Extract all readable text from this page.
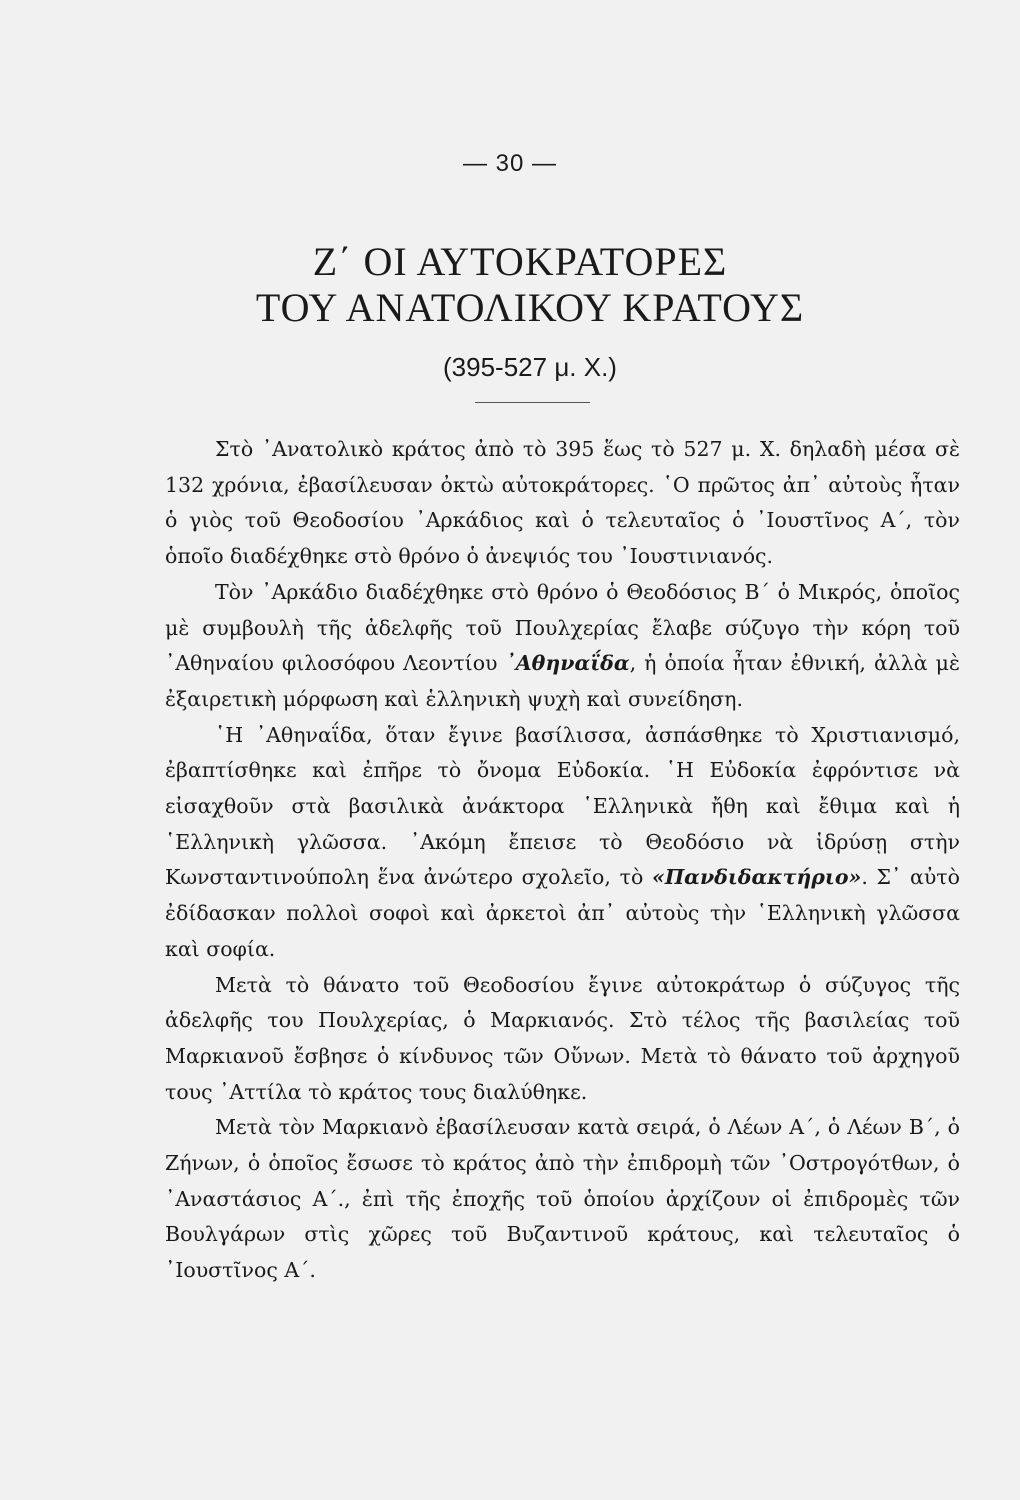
— 30 —
Ζ΄ ΟΙ ΑΥΤΟΚΡΑΤΟΡΕΣ
ΤΟΥ ΑΝΑΤΟΛΙΚΟΥ ΚΡΑΤΟΥΣ
(395-527 μ. Χ.)

Στὸ ᾿Ανατολικὸ κράτος ἀπὸ τὸ 395 ἕως τὸ 527 μ. Χ. δηλαδὴ μέσα σὲ 132 χρόνια, ἐβασίλευσαν ὀκτὼ αὐτοκράτορες. ῾Ο πρῶτος ἀπ᾿ αὐτοὺς ἦταν ὁ γιὸς τοῦ Θεοδοσίου ᾿Αρκάδιος καὶ ὁ τελευταῖος ὁ ᾿Ιουστῖνος Α΄, τὸν ὁποῖο διαδέχθηκε στὸ θρόνο ὁ ἀνεψιός του ᾿Ιουστινιανός.

Τὸν ᾿Αρκάδιο διαδέχθηκε στὸ θρόνο ὁ Θεοδόσιος Β΄ ὁ Μικρός, ὁποῖος μὲ συμβουλὴ τῆς ἀδελφῆς τοῦ Πουλχερίας ἔλαβε σύζυγο τὴν κόρη τοῦ ᾿Αθηναίου φιλοσόφου Λεοντίου ᾿Αθηναΐδα, ἡ ὁποία ἦταν ἐθνική, ἀλλὰ μὲ ἐξαιρετικὴ μόρφωση καὶ ἑλληνικὴ ψυχὴ καὶ συνείδηση.

῾Η ᾿Αθηναΐδα, ὅταν ἔγινε βασίλισσα, ἀσπάσθηκε τὸ Χριστιανισμό, ἐβαπτίσθηκε καὶ ἐπῆρε τὸ ὄνομα Εὐδοκία. ῾Η Εὐδοκία ἐφρόντισε νὰ εἰσαχθοῦν στὰ βασιλικὰ ἀνάκτορα ῾Ελληνικὰ ἤθη καὶ ἔθιμα καὶ ἡ ῾Ελληνικὴ γλῶσσα. ᾿Ακόμη ἔπεισε τὸ Θεοδόσιο νὰ ἱδρύσῃ στὴν Κωνσταντινούπολη ἕνα ἀνώτερο σχολεῖο, τὸ «Πανδιδακτήριο». Σ᾿ αὐτὸ ἐδίδασκαν πολλοὶ σοφοὶ καὶ ἀρκετοὶ ἀπ᾿ αὐτοὺς τὴν ῾Ελληνικὴ γλῶσσα καὶ σοφία.

Μετὰ τὸ θάνατο τοῦ Θεοδοσίου ἔγινε αὐτοκράτωρ ὁ σύζυγος τῆς ἀδελφῆς του Πουλχερίας, ὁ Μαρκιανός. Στὸ τέλος τῆς βασιλείας τοῦ Μαρκιανοῦ ἔσβησε ὁ κίνδυνος τῶν Οὔνων. Μετὰ τὸ θάνατο τοῦ ἀρχηγοῦ τους ᾿Αττίλα τὸ κράτος τους διαλύθηκε.

Μετὰ τὸν Μαρκιανὸ ἐβασίλευσαν κατὰ σειρά, ὁ Λέων Α΄, ὁ Λέων Β΄, ὁ Ζήνων, ὁ ὁποῖος ἔσωσε τὸ κράτος ἀπὸ τὴν ἐπιδρομὴ τῶν ᾿Οστρογότθων, ὁ ᾿Αναστάσιος Α΄., ἐπὶ τῆς ἐποχῆς τοῦ ὁποίου ἀρχίζουν οἱ ἐπιδρομὲς τῶν Βουλγάρων στὶς χῶρες τοῦ Βυζαντινοῦ κράτους, καὶ τελευταῖος ὁ ᾿Ιουστῖνος Α΄.
